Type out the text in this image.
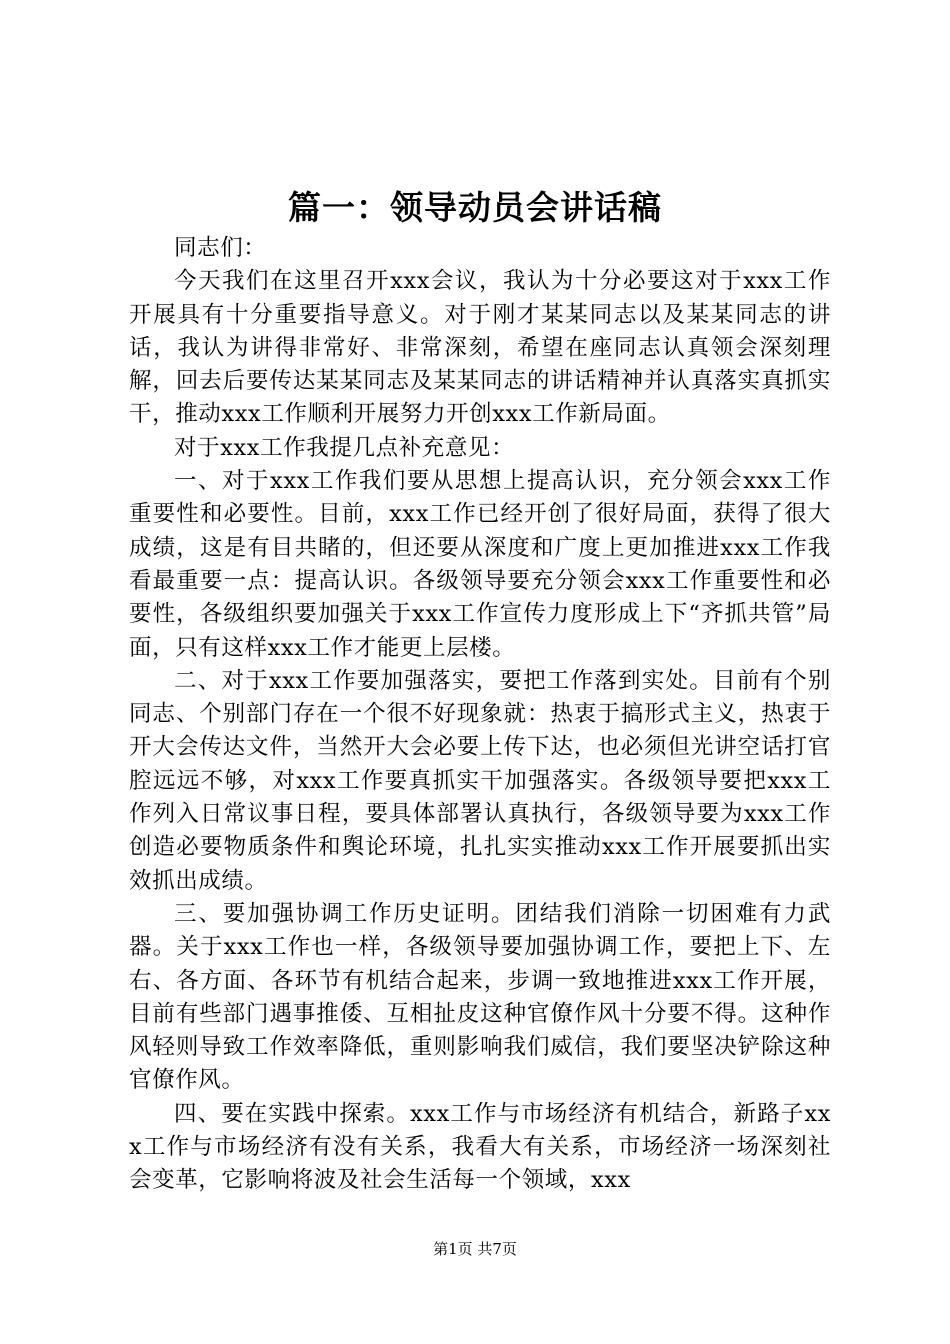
篇一：领导动员会讲话稿

同志们：

今天我们在这里召开xxx会议，我认为十分必要这对于xxx工作开展具有十分重要指导意义。对于刚才某某同志以及某某同志的讲话，我认为讲得非常好、非常深刻，希望在座同志认真领会深刻理解，回去后要传达某某同志及某某同志的讲话精神并认真落实真抓实干，推动xxx工作顺利开展努力开创xxx工作新局面。

对于xxx工作我提几点补充意见：

一、对于xxx工作我们要从思想上提高认识，充分领会xxx工作重要性和必要性。目前，xxx工作已经开创了很好局面，获得了很大成绩，这是有目共睹的，但还要从深度和广度上更加推进xxx工作我看最重要一点：提高认识。各级领导要充分领会xxx工作重要性和必要性，各级组织要加强关于xxx工作宣传力度形成上下“齐抓共管”局面，只有这样xxx工作才能更上层楼。

二、对于xxx工作要加强落实，要把工作落到实处。目前有个别同志、个别部门存在一个很不好现象就：热衷于搞形式主义，热衷于开大会传达文件，当然开大会必要上传下达，也必须但光讲空话打官腔远远不够，对xxx工作要真抓实干加强落实。各级领导要把xxx工作列入日常议事日程，要具体部署认真执行，各级领导要为xxx工作创造必要物质条件和舆论环境，扎扎实实推动xxx工作开展要抓出实效抓出成绩。

三、要加强协调工作历史证明。团结我们消除一切困难有力武器。关于xxx工作也一样，各级领导要加强协调工作，要把上下、左右、各方面、各环节有机结合起来，步调一致地推进xxx工作开展，目前有些部门遇事推倭、互相扯皮这种官僚作风十分要不得。这种作风轻则导致工作效率降低，重则影响我们威信，我们要坚决铲除这种官僚作风。

四、要在实践中探索。xxx工作与市场经济有机结合，新路子xxx工作与市场经济有没有关系，我看大有关系，市场经济一场深刻社会变革，它影响将波及社会生活每一个领域，xxx

第1页 共7页
